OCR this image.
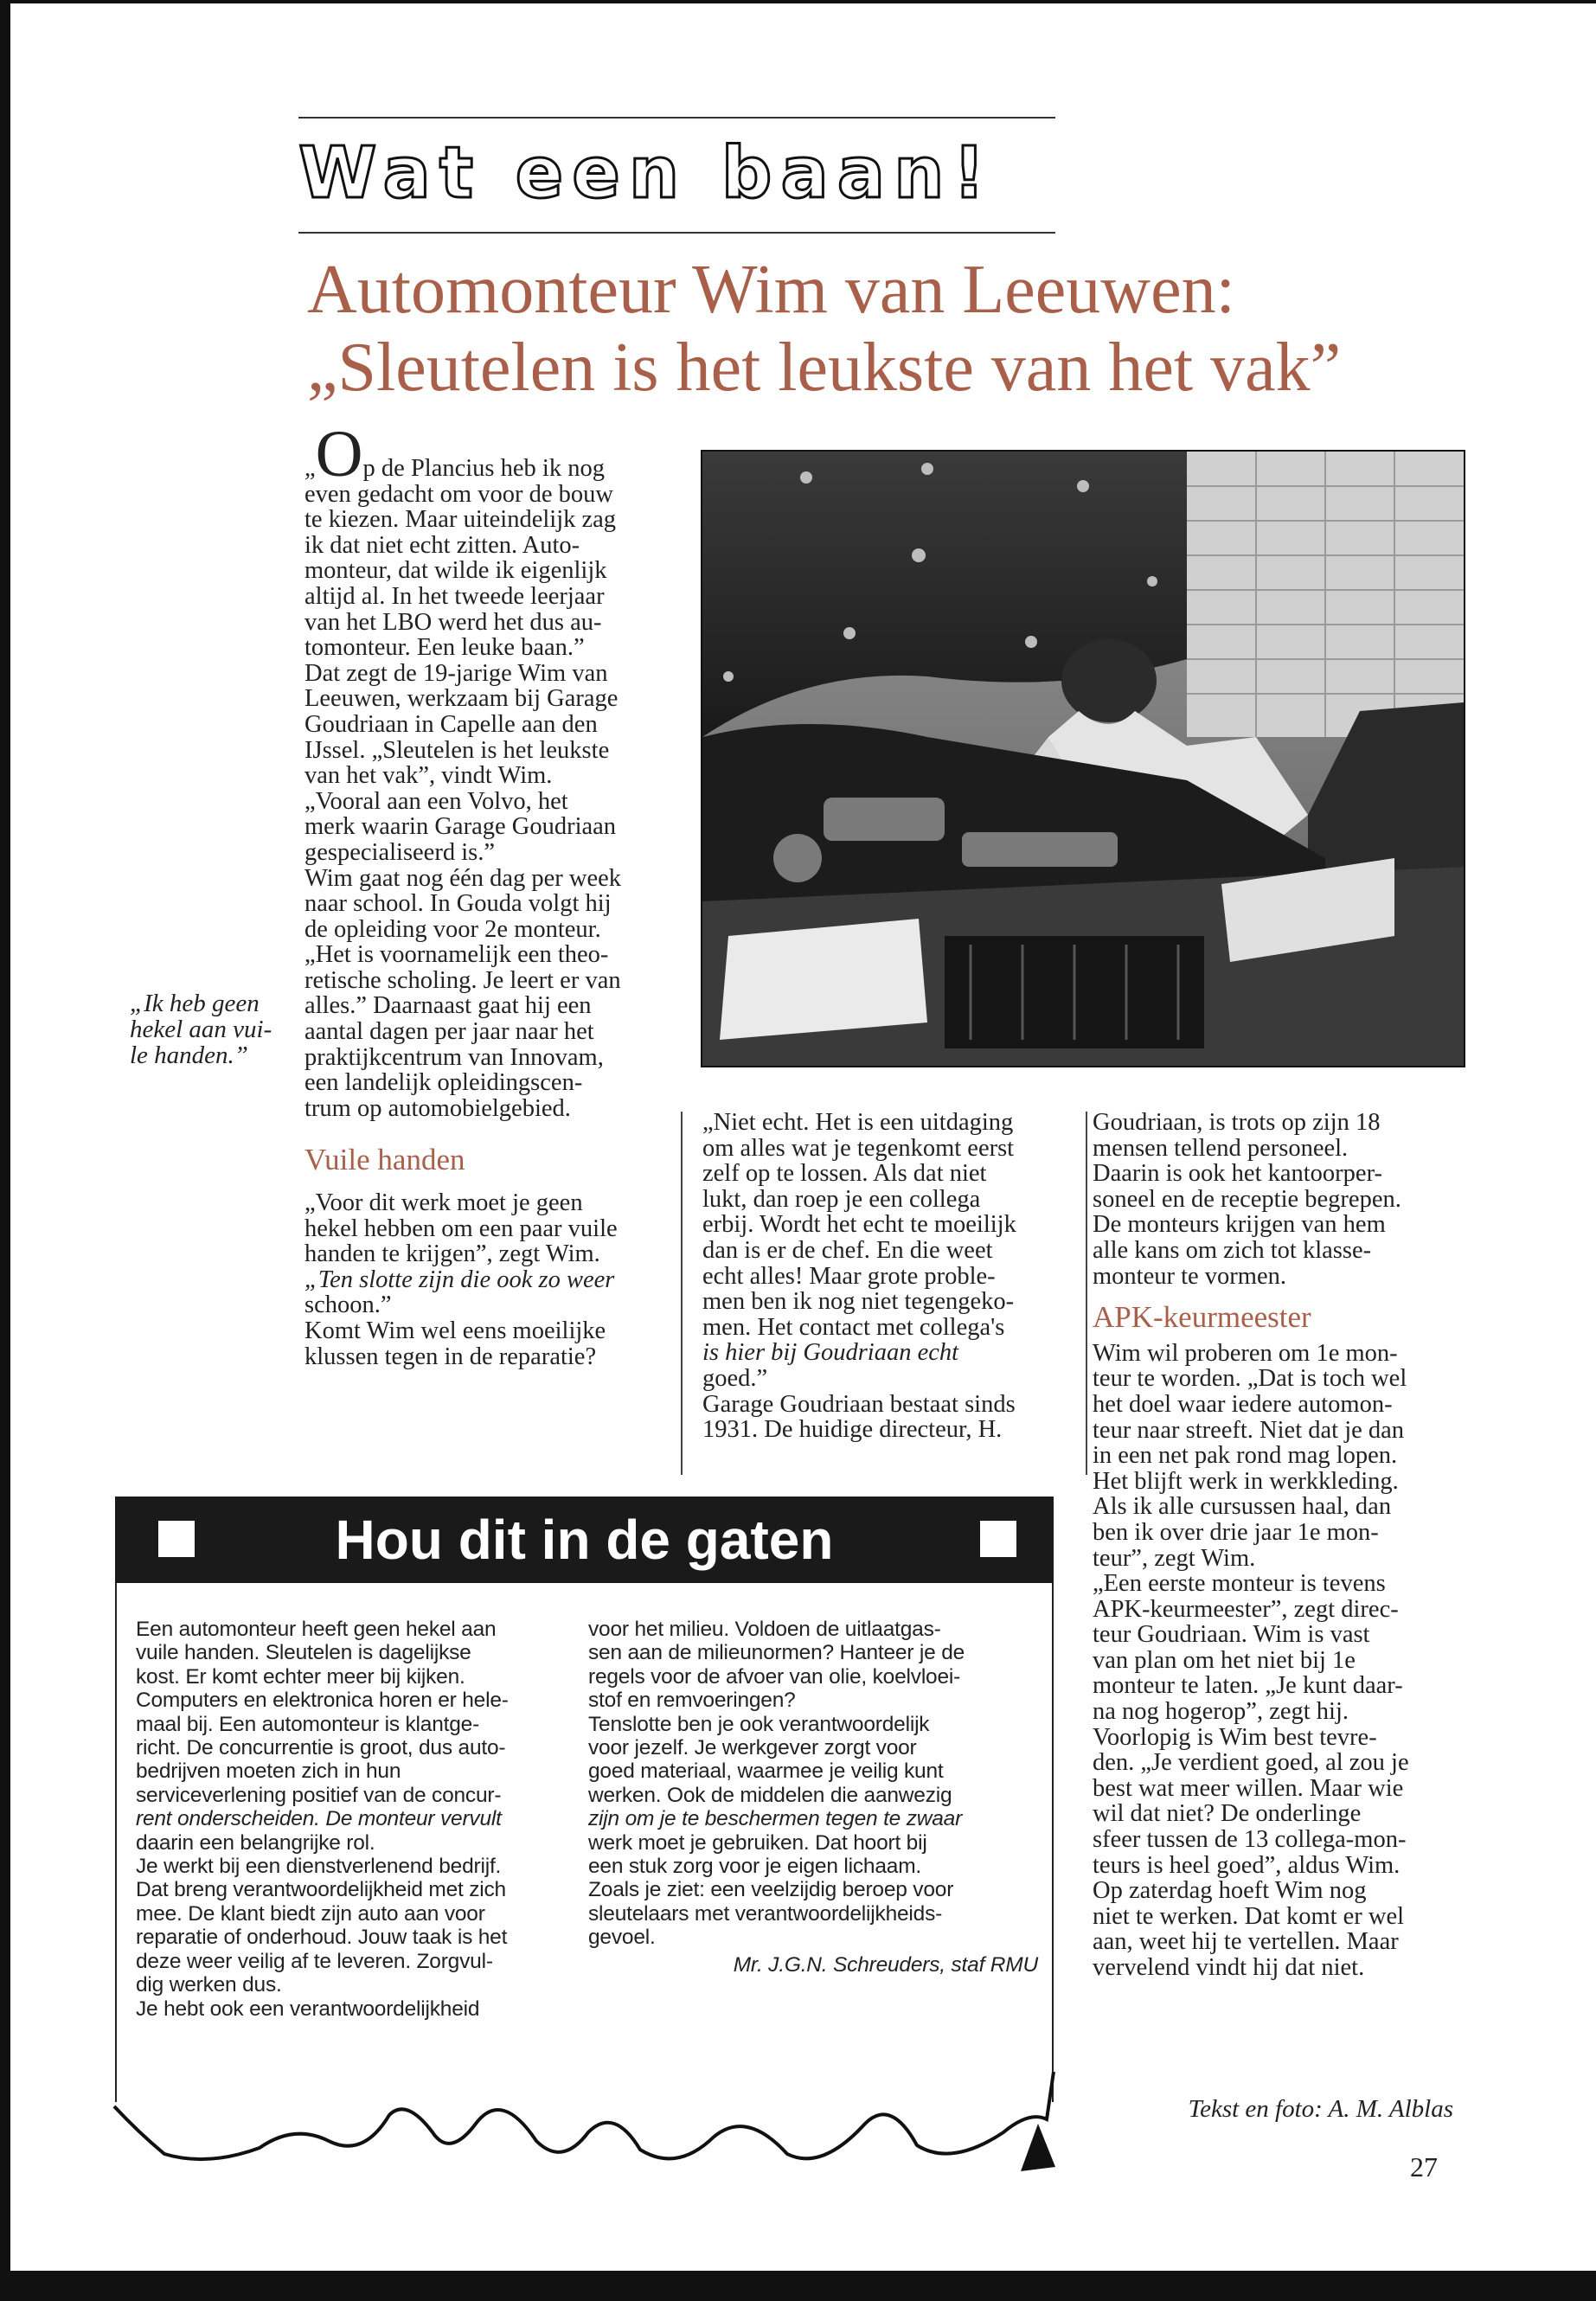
Wat een baan!
Automonteur Wim van Leeuwen:
„Sleutelen is het leukste van het vak”
„Ik heb geen
hekel aan vui-
le handen.”

„Op de Plancius heb ik nog

even gedacht om voor de bouw
te kiezen. Maar uiteindelijk zag
ik dat niet echt zitten. Auto-
monteur, dat wilde ik eigenlijk
altijd al. In het tweede leerjaar
van het LBO werd het dus au-
tomonteur. Een leuke baan.”
Dat zegt de 19-jarige Wim van
Leeuwen, werkzaam bij Garage
Goudriaan in Capelle aan den
IJssel. „Sleutelen is het leukste
van het vak”, vindt Wim.
„Vooral aan een Volvo, het
merk waarin Garage Goudriaan
gespecialiseerd is.”
Wim gaat nog één dag per week
naar school. In Gouda volgt hij
de opleiding voor 2e monteur.
„Het is voornamelijk een theo-
retische scholing. Je leert er van
alles.” Daarnaast gaat hij een
aantal dagen per jaar naar het
praktijkcentrum van Innovam,
een landelijk opleidingscen-
trum op automobielgebied.
Vuile handen
„Voor dit werk moet je geen
hekel hebben om een paar vuile
handen te krijgen”, zegt Wim.
„Ten slotte zijn die ook zo weer
schoon.”
Komt Wim wel eens moeilijke
klussen tegen in de reparatie?
„Niet echt. Het is een uitdaging
om alles wat je tegenkomt eerst
zelf op te lossen. Als dat niet
lukt, dan roep je een collega
erbij. Wordt het echt te moeilijk
dan is er de chef. En die weet
echt alles! Maar grote proble-
men ben ik nog niet tegengeko-
men. Het contact met collega's
is hier bij Goudriaan echt
goed.”
Garage Goudriaan bestaat sinds
1931. De huidige directeur, H.
Goudriaan, is trots op zijn 18
mensen tellend personeel.
Daarin is ook het kantoorper-
soneel en de receptie begrepen.
De monteurs krijgen van hem
alle kans om zich tot klasse-
monteur te vormen.
APK-keurmeester
Wim wil proberen om 1e mon-
teur te worden. „Dat is toch wel
het doel waar iedere automon-
teur naar streeft. Niet dat je dan
in een net pak rond mag lopen.
Het blijft werk in werkkleding.
Als ik alle cursussen haal, dan
ben ik over drie jaar 1e mon-
teur”, zegt Wim.
„Een eerste monteur is tevens
APK-keurmeester”, zegt direc-
teur Goudriaan. Wim is vast
van plan om het niet bij 1e
monteur te laten. „Je kunt daar-
na nog hogerop”, zegt hij.
Voorlopig is Wim best tevre-
den. „Je verdient goed, al zou je
best wat meer willen. Maar wie
wil dat niet? De onderlinge
sfeer tussen de 13 collega-mon-
teurs is heel goed”, aldus Wim.
Op zaterdag hoeft Wim nog
niet te werken. Dat komt er wel
aan, weet hij te vertellen. Maar
vervelend vindt hij dat niet.
Tekst en foto: A. M. Alblas
Hou dit in de gaten
Een automonteur heeft geen hekel aan
vuile handen. Sleutelen is dagelijkse
kost. Er komt echter meer bij kijken.
Computers en elektronica horen er hele-
maal bij. Een automonteur is klantge-
richt. De concurrentie is groot, dus auto-
bedrijven moeten zich in hun
serviceverlening positief van de concur-
rent onderscheiden. De monteur vervult
daarin een belangrijke rol.
Je werkt bij een dienstverlenend bedrijf.
Dat breng verantwoordelijkheid met zich
mee. De klant biedt zijn auto aan voor
reparatie of onderhoud. Jouw taak is het
deze weer veilig af te leveren. Zorgvul-
dig werken dus.
Je hebt ook een verantwoordelijkheid
voor het milieu. Voldoen de uitlaatgas-
sen aan de milieunormen? Hanteer je de
regels voor de afvoer van olie, koelvloei-
stof en remvoeringen?
Tenslotte ben je ook verantwoordelijk
voor jezelf. Je werkgever zorgt voor
goed materiaal, waarmee je veilig kunt
werken. Ook de middelen die aanwezig
zijn om je te beschermen tegen te zwaar
werk moet je gebruiken. Dat hoort bij
een stuk zorg voor je eigen lichaam.
Zoals je ziet: een veelzijdig beroep voor
sleutelaars met verantwoordelijkheids-
gevoel.
Mr. J.G.N. Schreuders, staf RMU
27
